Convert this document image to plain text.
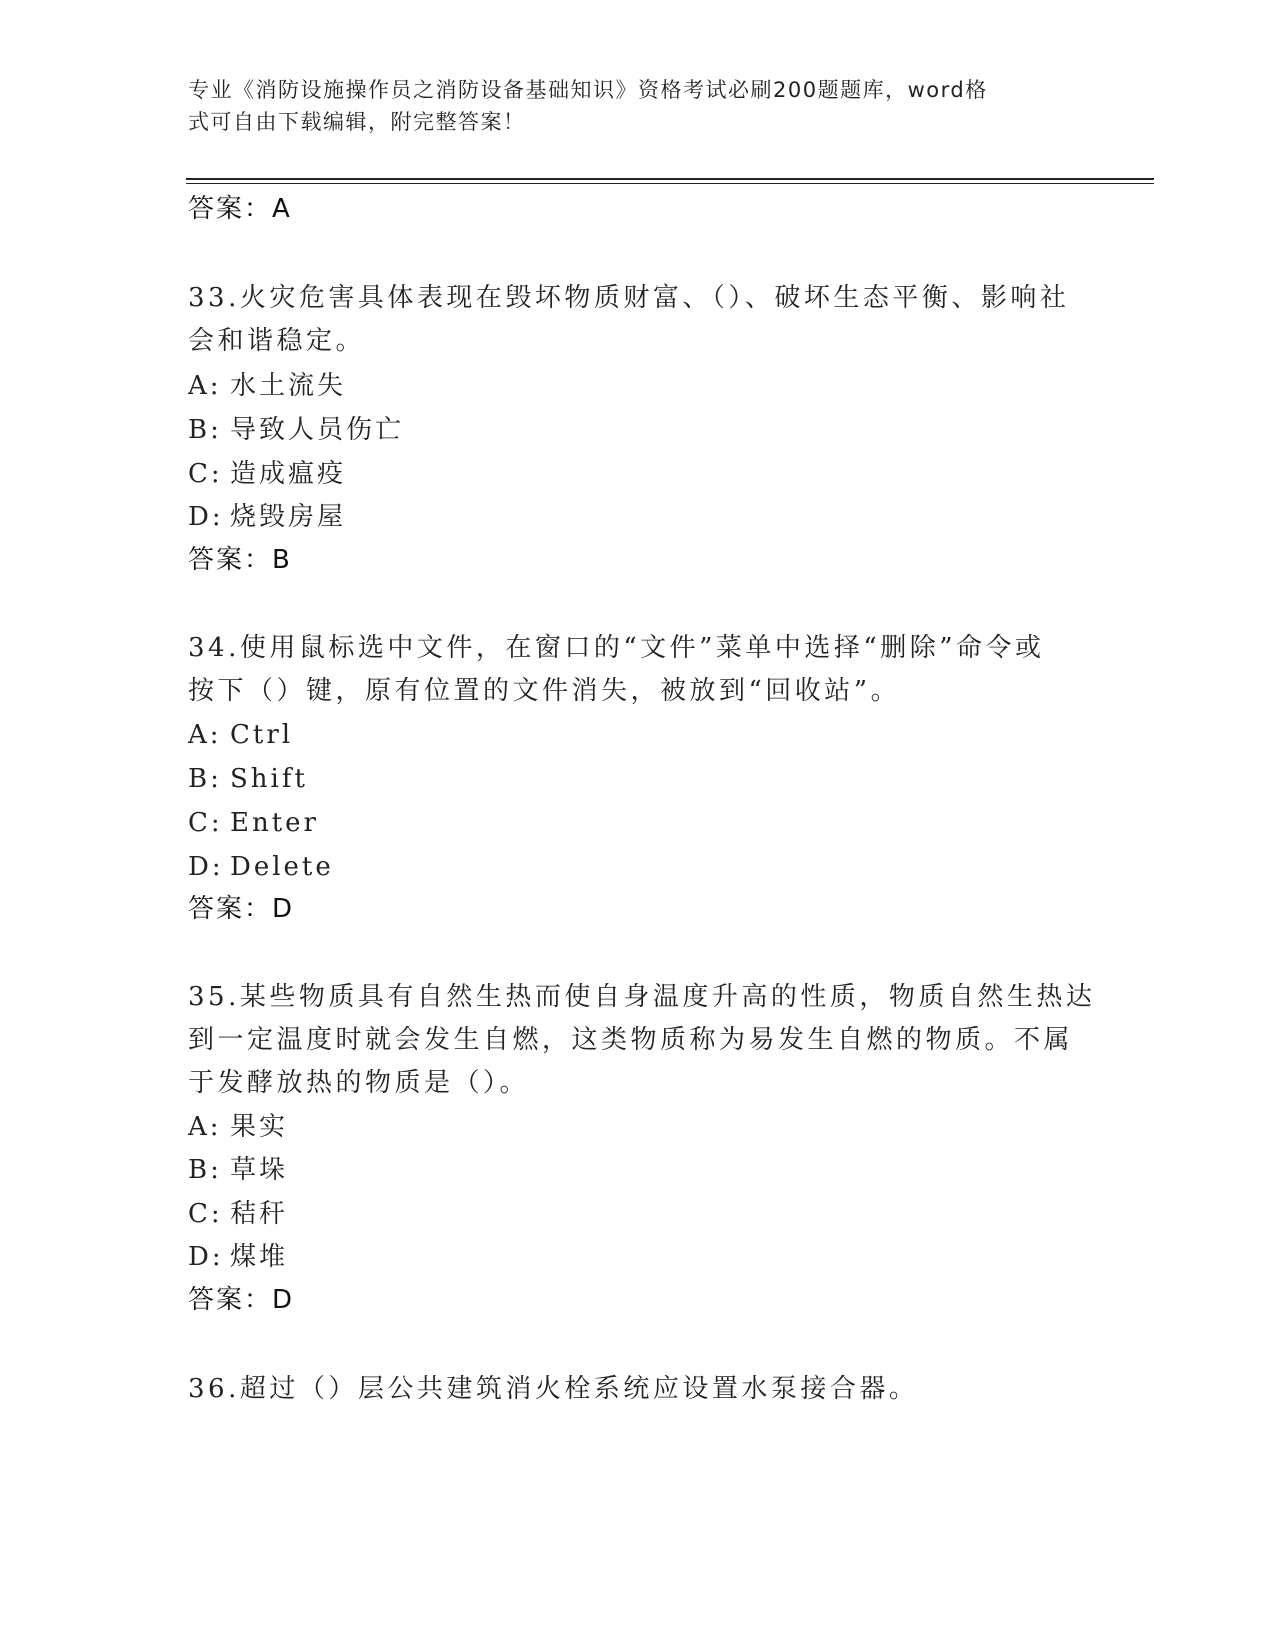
专业《消防设施操作员之消防设备基础知识》资格考试必刷200题题库，word格
式可自由下载编辑，附完整答案！
答案：A
33.火灾危害具体表现在毁坏物质财富、（）、破坏生态平衡、影响社
会和谐稳定。
A: 水土流失
B: 导致人员伤亡
C: 造成瘟疫
D: 烧毁房屋
答案：B
34.使用鼠标选中文件，在窗口的“文件”菜单中选择“删除”命令或
按下（）键，原有位置的文件消失，被放到“回收站”。
A: Ctrl
B: Shift
C: Enter
D: Delete
答案：D
35.某些物质具有自然生热而使自身温度升高的性质，物质自然生热达
到一定温度时就会发生自燃，这类物质称为易发生自燃的物质。不属
于发酵放热的物质是（）。
A: 果实
B: 草垛
C: 秸秆
D: 煤堆
答案：D
36.超过（）层公共建筑消火栓系统应设置水泵接合器。
